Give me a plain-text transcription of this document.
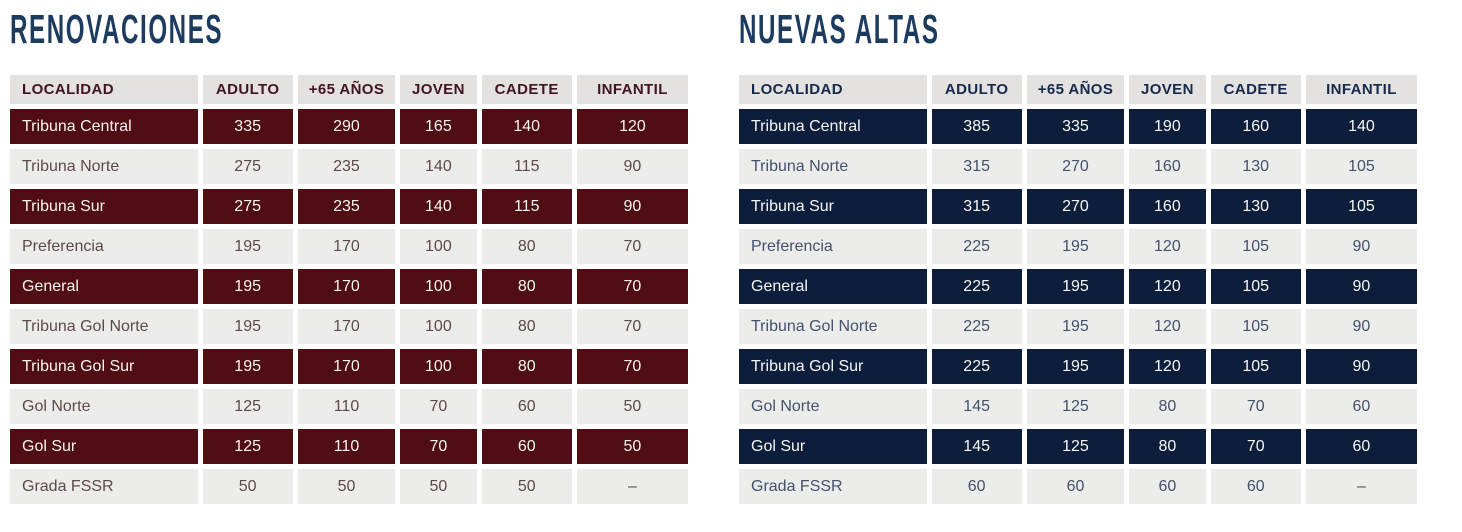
RENOVACIONES
LOCALIDAD	ADULTO	+65 AÑOS	JOVEN	CADETE	INFANTIL
Tribuna Central	335	290	165	140	120
Tribuna Norte	275	235	140	115	90
Tribuna Sur	275	235	140	115	90
Preferencia	195	170	100	80	70
General	195	170	100	80	70
Tribuna Gol Norte	195	170	100	80	70
Tribuna Gol Sur	195	170	100	80	70
Gol Norte	125	110	70	60	50
Gol Sur	125	110	70	60	50
Grada FSSR	50	50	50	50	–
NUEVAS ALTAS
LOCALIDAD	ADULTO	+65 AÑOS	JOVEN	CADETE	INFANTIL
Tribuna Central	385	335	190	160	140
Tribuna Norte	315	270	160	130	105
Tribuna Sur	315	270	160	130	105
Preferencia	225	195	120	105	90
General	225	195	120	105	90
Tribuna Gol Norte	225	195	120	105	90
Tribuna Gol Sur	225	195	120	105	90
Gol Norte	145	125	80	70	60
Gol Sur	145	125	80	70	60
Grada FSSR	60	60	60	60	–
